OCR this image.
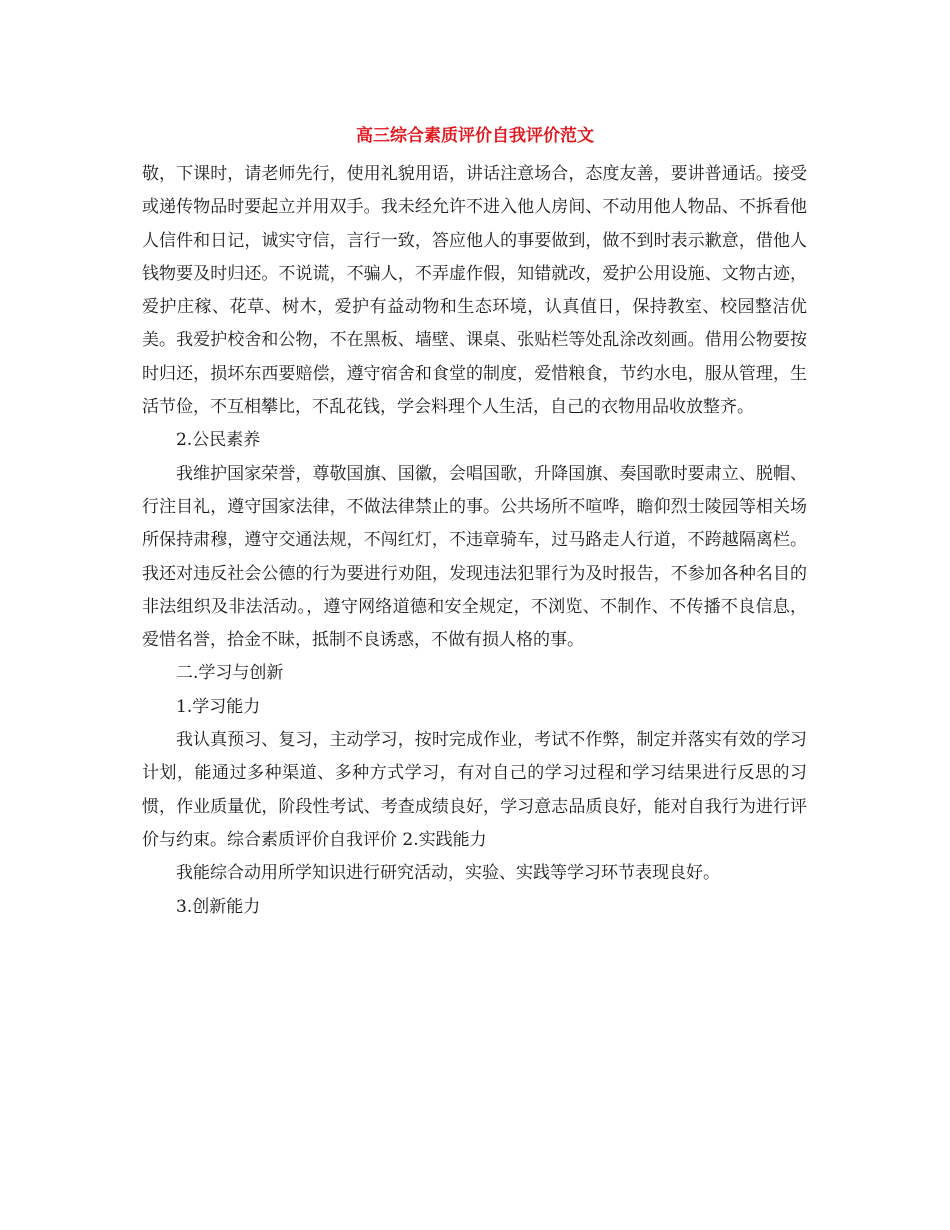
高三综合素质评价自我评价范文

敬，下课时，请老师先行，使用礼貌用语，讲话注意场合，态度友善，要讲普通话。接受或递传物品时要起立并用双手。我未经允许不进入他人房间、不动用他人物品、不拆看他人信件和日记，诚实守信，言行一致，答应他人的事要做到，做不到时表示歉意，借他人钱物要及时归还。不说谎，不骗人，不弄虚作假，知错就改，爱护公用设施、文物古迹，爱护庄稼、花草、树木，爱护有益动物和生态环境，认真值日，保持教室、校园整洁优美。我爱护校舍和公物，不在黑板、墙壁、课桌、张贴栏等处乱涂改刻画。借用公物要按时归还，损坏东西要赔偿，遵守宿舍和食堂的制度，爱惜粮食，节约水电，服从管理，生活节俭，不互相攀比，不乱花钱，学会料理个人生活，自己的衣物用品收放整齐。

2.公民素养

我维护国家荣誉，尊敬国旗、国徽，会唱国歌，升降国旗、奏国歌时要肃立、脱帽、行注目礼，遵守国家法律，不做法律禁止的事。公共场所不喧哗，瞻仰烈士陵园等相关场所保持肃穆，遵守交通法规，不闯红灯，不违章骑车，过马路走人行道，不跨越隔离栏。我还对违反社会公德的行为要进行劝阻，发现违法犯罪行为及时报告，不参加各种名目的非法组织及非法活动。，遵守网络道德和安全规定，不浏览、不制作、不传播不良信息，爱惜名誉，拾金不昧，抵制不良诱惑，不做有损人格的事。

二.学习与创新

1.学习能力

我认真预习、复习，主动学习，按时完成作业，考试不作弊，制定并落实有效的学习计划，能通过多种渠道、多种方式学习，有对自己的学习过程和学习结果进行反思的习惯，作业质量优，阶段性考试、考查成绩良好，学习意志品质良好，能对自我行为进行评价与约束。综合素质评价自我评价 2.实践能力

我能综合动用所学知识进行研究活动，实验、实践等学习环节表现良好。

3.创新能力
